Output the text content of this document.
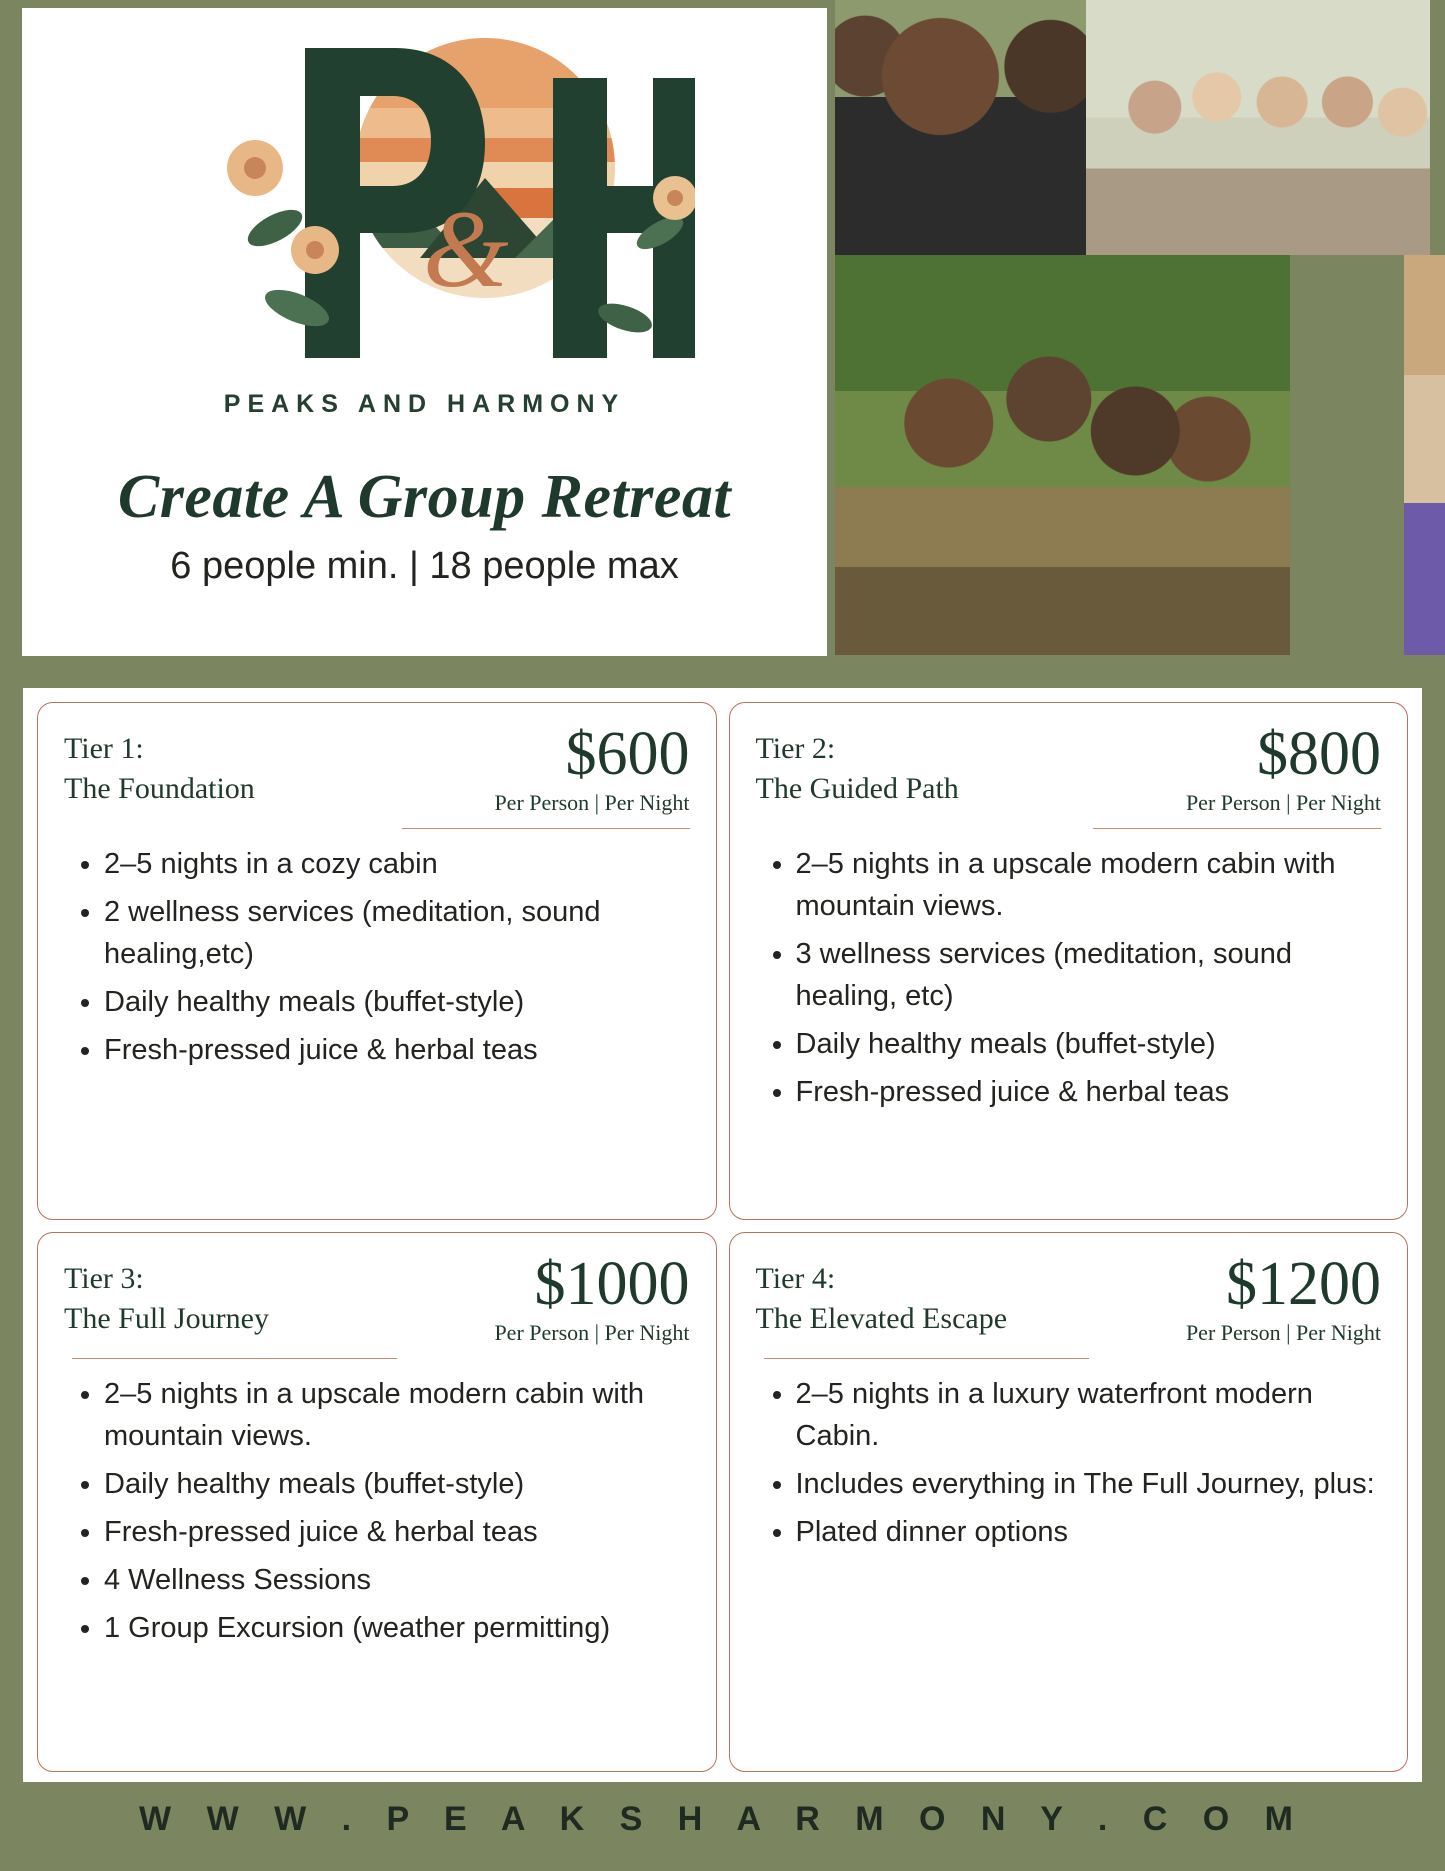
&
PEAKS AND HARMONY
Create A Group Retreat
6 people min. | 18 people max
Tier 1:
The Foundation
$600
Per Person | Per Night
• 2–5 nights in a cozy cabin
• 2 wellness services (meditation, sound healing,etc)
• Daily healthy meals (buffet-style)
• Fresh-pressed juice & herbal teas
Tier 2:
The Guided Path
$800
Per Person | Per Night
• 2–5 nights in a upscale modern cabin with mountain views.
• 3 wellness services (meditation, sound healing, etc)
• Daily healthy meals (buffet-style)
• Fresh-pressed juice & herbal teas
Tier 3:
The Full Journey
$1000
Per Person | Per Night
• 2–5 nights in a upscale modern cabin with mountain views.
• Daily healthy meals (buffet-style)
• Fresh-pressed juice & herbal teas
• 4 Wellness Sessions
• 1 Group Excursion (weather permitting)
Tier 4:
The Elevated Escape
$1200
Per Person | Per Night
• 2–5 nights in a luxury waterfront modern Cabin.
• Includes everything in The Full Journey, plus:
• Plated dinner options
W W W . P E A K S H A R M O N Y . C O M
